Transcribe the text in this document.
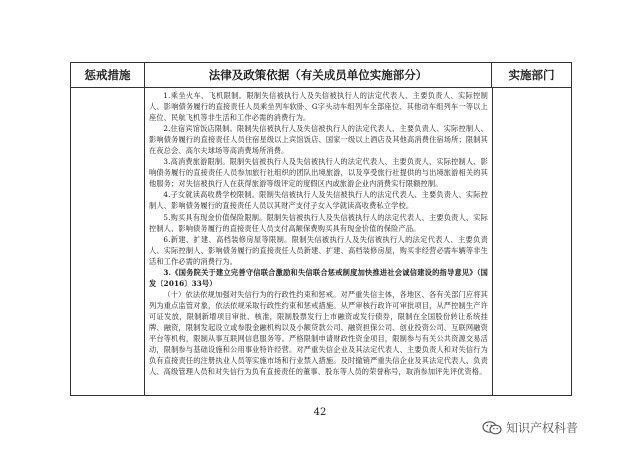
惩戒措施	法律及政策依据（有关成员单位实施部分）	实施部门

1.乘坐火车、飞机限制。限制失信被执行人及失信被执行人的法定代表人、主要负责人、实际控制人、影响债务履行的直接责任人员乘坐列车软卧、G字头动车组列车全部座位、其他动车组列车一等以上座位、民航飞机等非生活和工作必需的消费行为。

2.住宿宾馆饭店限制。限制失信被执行人及失信被执行人的法定代表人、主要负责人、实际控制人、影响债务履行的直接责任人员住宿星级以上宾馆饭店、国家一级以上酒店及其他高消费住宿场所；限制其在夜总会、高尔夫球场等高消费场所消费。

3.高消费旅游限制。限制失信被执行人及失信被执行人的法定代表人、主要负责人、实际控制人、影响债务履行的直接责任人员参加旅行社组织的团队出境旅游，以及享受旅行社提供的与出境旅游相关的其他服务；对失信被执行人在获得旅游等级评定的度假区内或旅游企业内消费实行限额控制。

4.子女就读高收费学校限制。限制失信被执行人及失信被执行人的法定代表人、主要负责人、实际控制人、影响债务履行的直接责任人员以其财产支付子女入学就读高收费私立学校。

5.购买具有现金价值保险限制。限制失信被执行人及失信被执行人的法定代表人、主要负责人、实际控制人、影响债务履行的直接责任人员支付高额保费购买具有现金价值的保险产品。

6.新建、扩建、高档装修房屋等限制。限制失信被执行人及失信被执行人的法定代表人、主要负责人、实际控制人、影响债务履行的直接责任人员新建、扩建、高档装修房屋，购买非经营必需车辆等非生活和工作必需的消费行为。

3.《国务院关于建立完善守信联合激励和失信联合惩戒制度加快推进社会诚信建设的指导意见》（国发〔2016〕33号）

（十）依法依规加强对失信行为的行政性约束和惩戒。对严重失信主体，各地区、各有关部门应将其列为重点监管对象，依法依规采取行政性约束和惩戒措施。从严审核行政许可审批项目，从严控制生产许可证发放，限制新增项目审批、核准，限制股票发行上市融资或发行债券，限制在全国股份转让系统挂牌、融资，限制发起设立或参股金融机构以及小额贷款公司、融资担保公司、创业投资公司、互联网融资平台等机构，限制从事互联网信息服务等。严格限制申请财政性资金项目，限制参与有关公共资源交易活动，限制参与基础设施和公用事业特许经营。对严重失信企业及其法定代表人、主要负责人和对失信行为负有直接责任的注册执业人员等实施市场和行业禁入措施。及时撤销严重失信企业及其法定代表人、负责人、高级管理人员和对失信行为负有直接责任的董事、股东等人员的荣誉称号，取消参加评先评优资格。

42
知识产权科普
